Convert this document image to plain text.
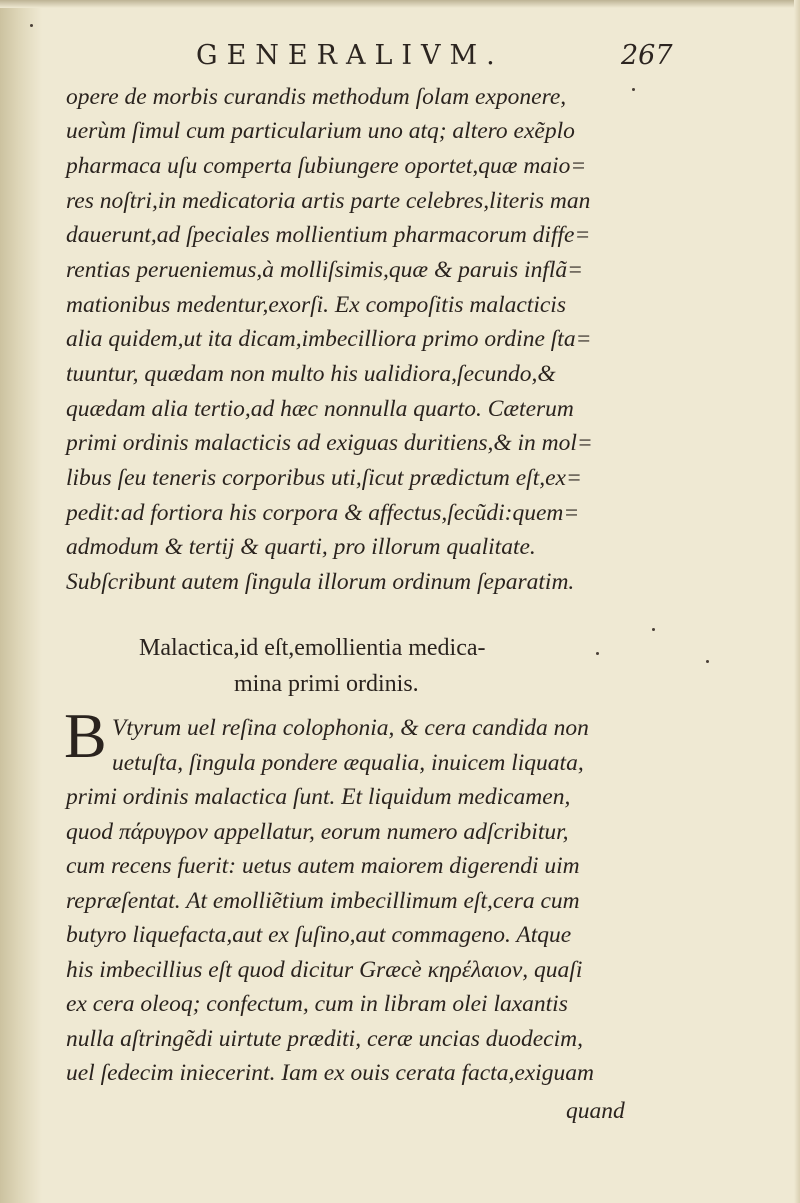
GENERALIVM.	267
opere de morbis curandis methodum ſolam exponere,
uerùm ſimul cum particularium uno atq; altero exẽplo
pharmaca uſu comperta ſubiungere oportet,quæ maio=
res noſtri,in medicatoria artis parte celebres,literis man
dauerunt,ad ſpeciales mollientium pharmacorum diffe=
rentias perueniemus,à molliſsimis,quæ & paruis inflã=
mationibus medentur,exorſi. Ex compoſitis malacticis
alia quidem,ut ita dicam,imbecilliora primo ordine ſta=
tuuntur, quædam non multo his ualidiora,ſecundo,&
quædam alia tertio,ad hæc nonnulla quarto. Cæterum
primi ordinis malacticis ad exiguas duritiens,& in mol=
libus ſeu teneris corporibus uti,ſicut prædictum eſt,ex=
pedit:ad fortiora his corpora & affectus,ſecũdi:quem=
admodum & tertij & quarti, pro illorum qualitate.
Subſcribunt autem ſingula illorum ordinum ſeparatim.
Malactica,id eſt,emollientia medica-
mina primi ordinis.
B Vtyrum uel reſina colophonia, & cera candida non
uetuſta, ſingula pondere æqualia, inuicem liquata,
primi ordinis malactica ſunt. Et liquidum medicamen,
quod πάρυγρον appellatur, eorum numero adſcribitur,
cum recens fuerit: uetus autem maiorem digerendi uim
repræſentat. At emolliẽtium imbecillimum eſt,cera cum
butyro liquefacta,aut ex ſuſino,aut commageno. Atque
his imbecillius eſt quod dicitur Græcè κηρέλαιον, quaſi
ex cera oleoq; confectum, cum in libram olei laxantis
nulla aſtringẽdi uirtute præditi, ceræ uncias duodecim,
uel ſedecim iniecerint. Iam ex ouis cerata facta,exiguam
quand
